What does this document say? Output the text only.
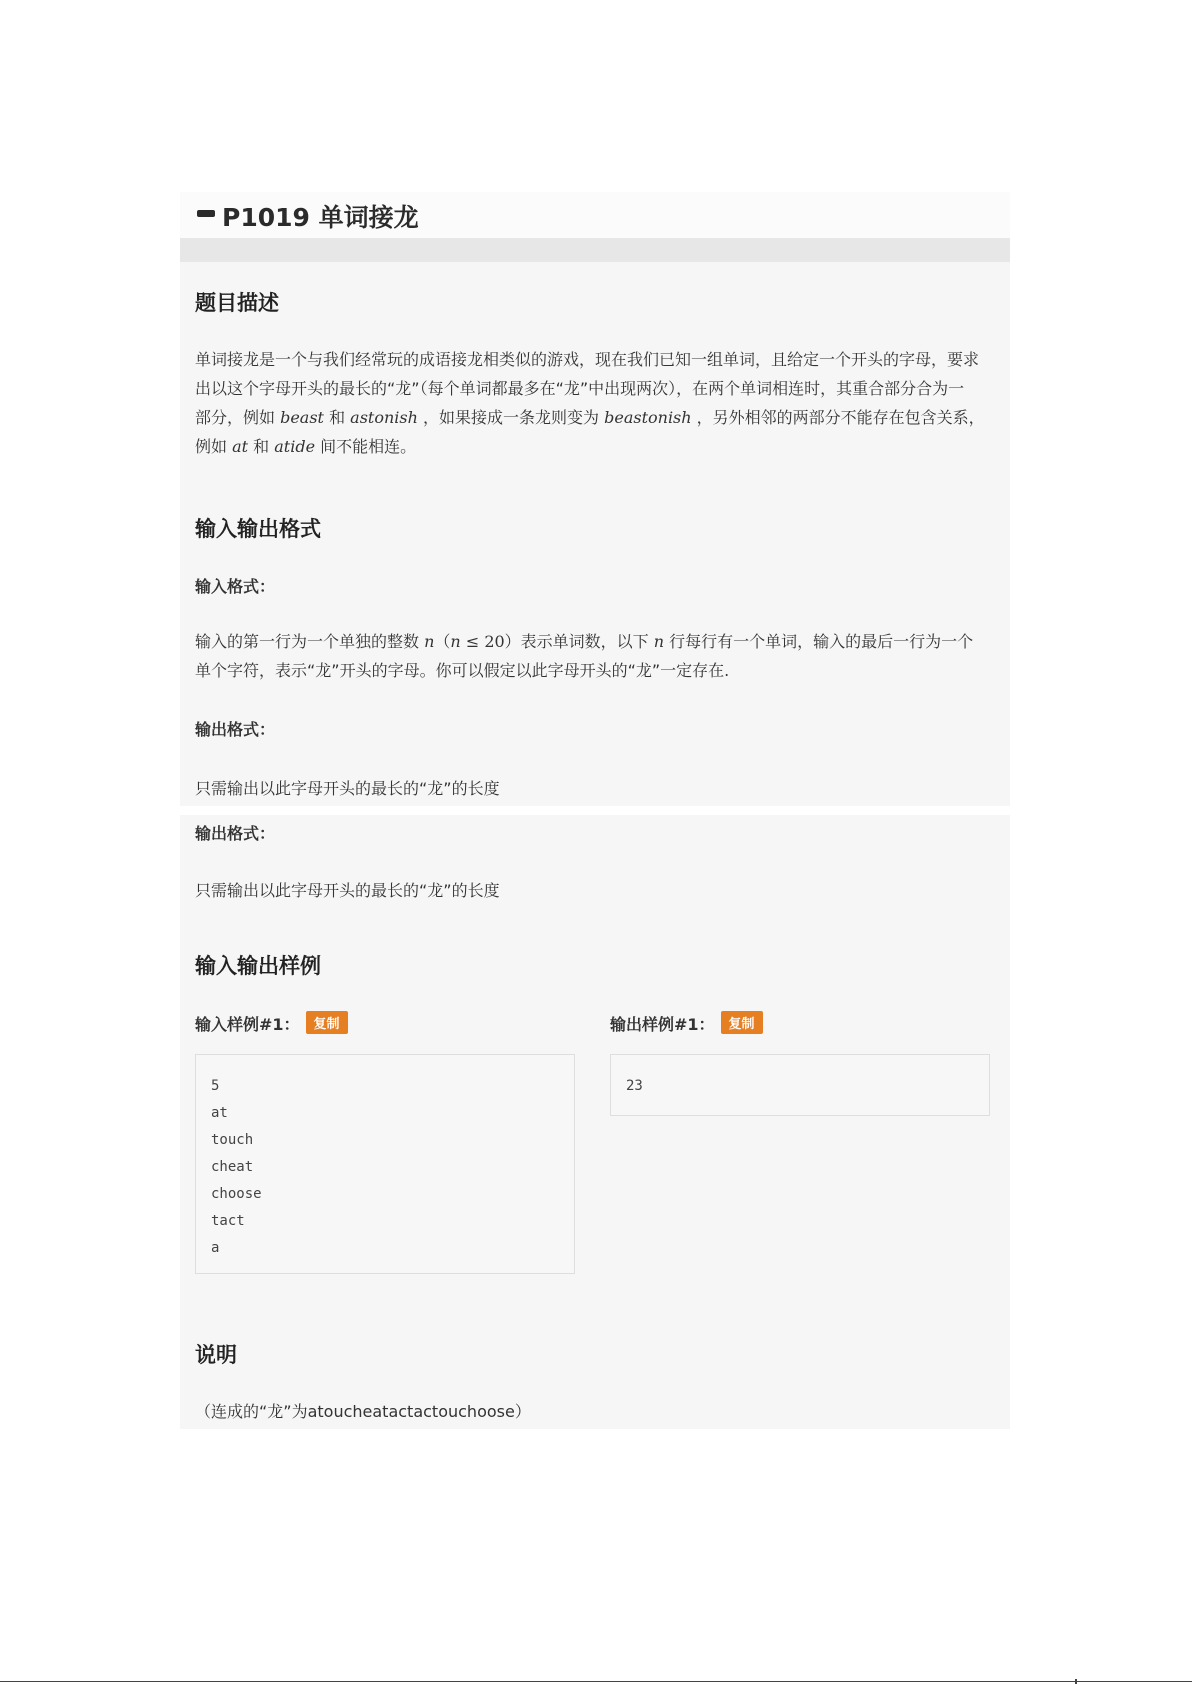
P1019 单词接龙
题目描述
单词接龙是一个与我们经常玩的成语接龙相类似的游戏，现在我们已知一组单词，且给定一个开头的字母，要求
出以这个字母开头的最长的“龙”（每个单词都最多在“龙”中出现两次），在两个单词相连时，其重合部分合为一
部分，例如 beast 和 astonish ，如果接成一条龙则变为 beastonish ，另外相邻的两部分不能存在包含关系，
例如 at 和 atide 间不能相连。
输入输出格式
输入格式：
输入的第一行为一个单独的整数 n（n ≤ 20）表示单词数，以下 n 行每行有一个单词，输入的最后一行为一个
单个字符，表示“龙”开头的字母。你可以假定以此字母开头的“龙”一定存在.
输出格式：
只需输出以此字母开头的最长的“龙”的长度
输出格式：
只需输出以此字母开头的最长的“龙”的长度
输入输出样例
输入样例#1： 复制	输出样例#1： 复制
5
at
touch
cheat
choose
tact
a
23
说明
（连成的“龙”为atoucheatactactouchoose）
